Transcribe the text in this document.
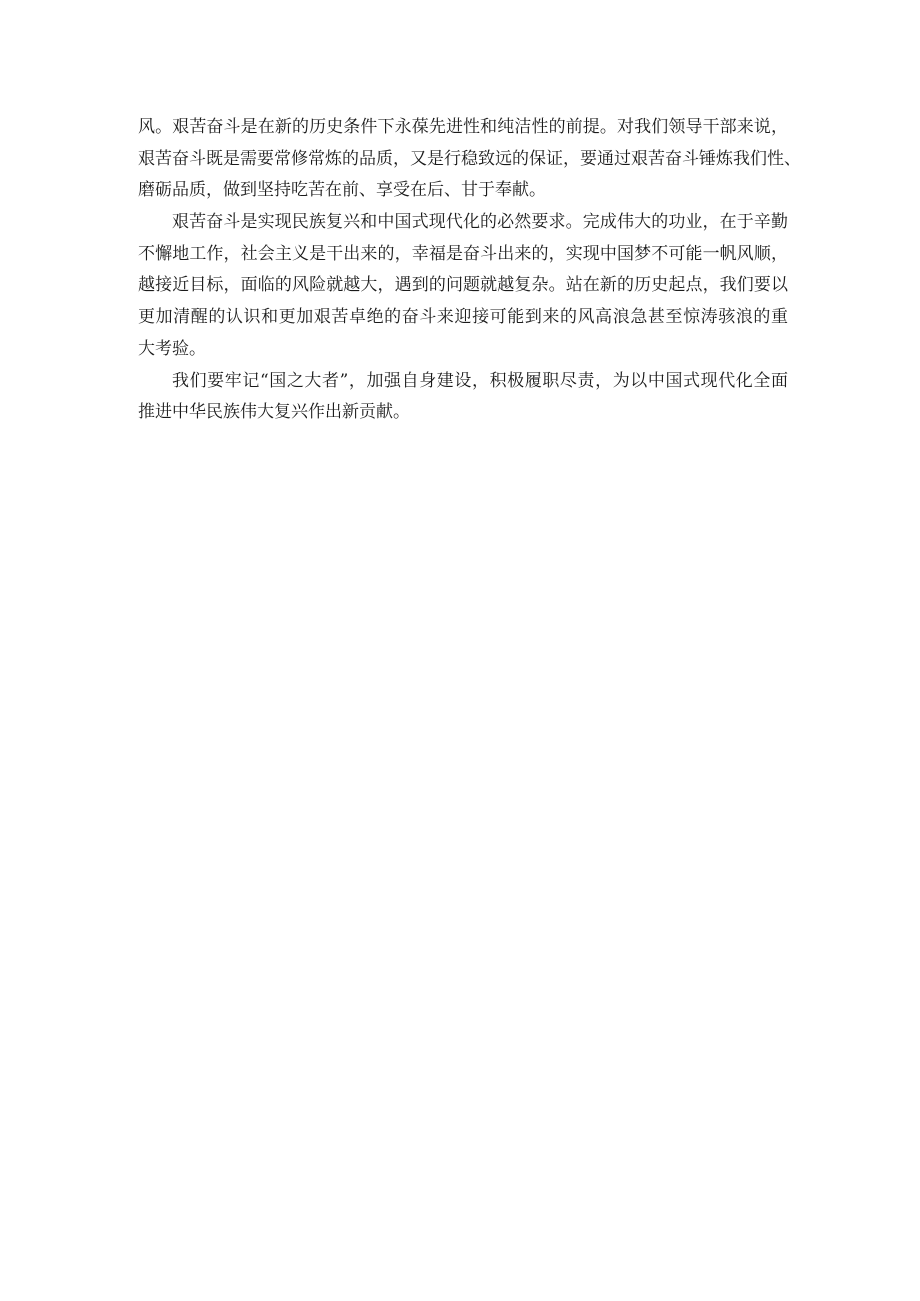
风。艰苦奋斗是在新的历史条件下永葆先进性和纯洁性的前提。对我们领导干部来说，
艰苦奋斗既是需要常修常炼的品质，又是行稳致远的保证，要通过艰苦奋斗锤炼我们性、
磨砺品质，做到坚持吃苦在前、享受在后、甘于奉献。
艰苦奋斗是实现民族复兴和中国式现代化的必然要求。完成伟大的功业，在于辛勤
不懈地工作，社会主义是干出来的，幸福是奋斗出来的，实现中国梦不可能一帆风顺，
越接近目标，面临的风险就越大，遇到的问题就越复杂。站在新的历史起点，我们要以
更加清醒的认识和更加艰苦卓绝的奋斗来迎接可能到来的风高浪急甚至惊涛骇浪的重
大考验。
我们要牢记“国之大者”，加强自身建设，积极履职尽责，为以中国式现代化全面
推进中华民族伟大复兴作出新贡献。
